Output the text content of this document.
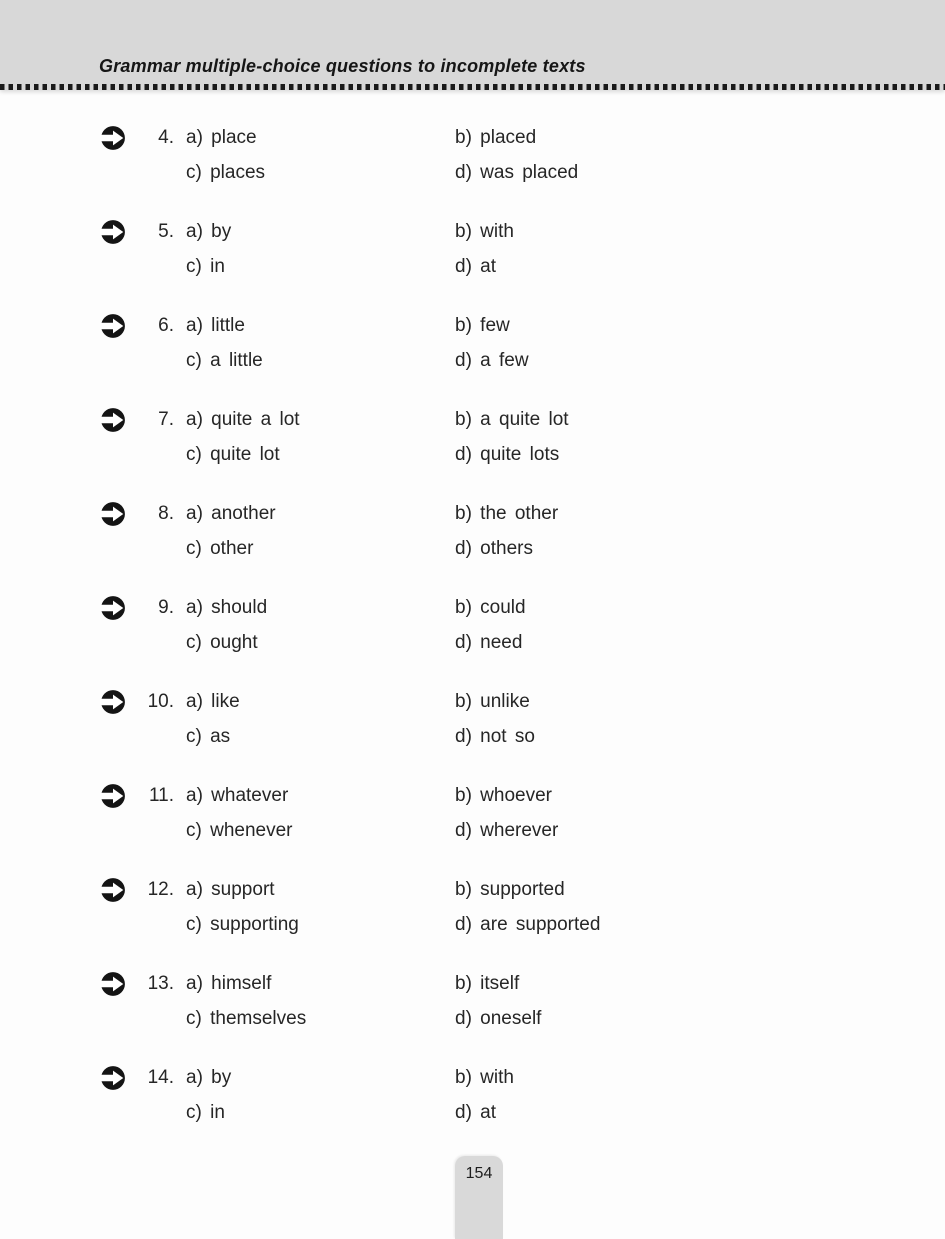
Grammar multiple-choice questions to incomplete texts
4. a) place	b) placed
c) places	d) was placed
5. a) by	b) with
c) in	d) at
6. a) little	b) few
c) a little	d) a few
7. a) quite a lot	b) a quite lot
c) quite lot	d) quite lots
8. a) another	b) the other
c) other	d) others
9. a) should	b) could
c) ought	d) need
10. a) like	b) unlike
c) as	d) not so
11. a) whatever	b) whoever
c) whenever	d) wherever
12. a) support	b) supported
c) supporting	d) are supported
13. a) himself	b) itself
c) themselves	d) oneself
14. a) by	b) with
c) in	d) at
154
